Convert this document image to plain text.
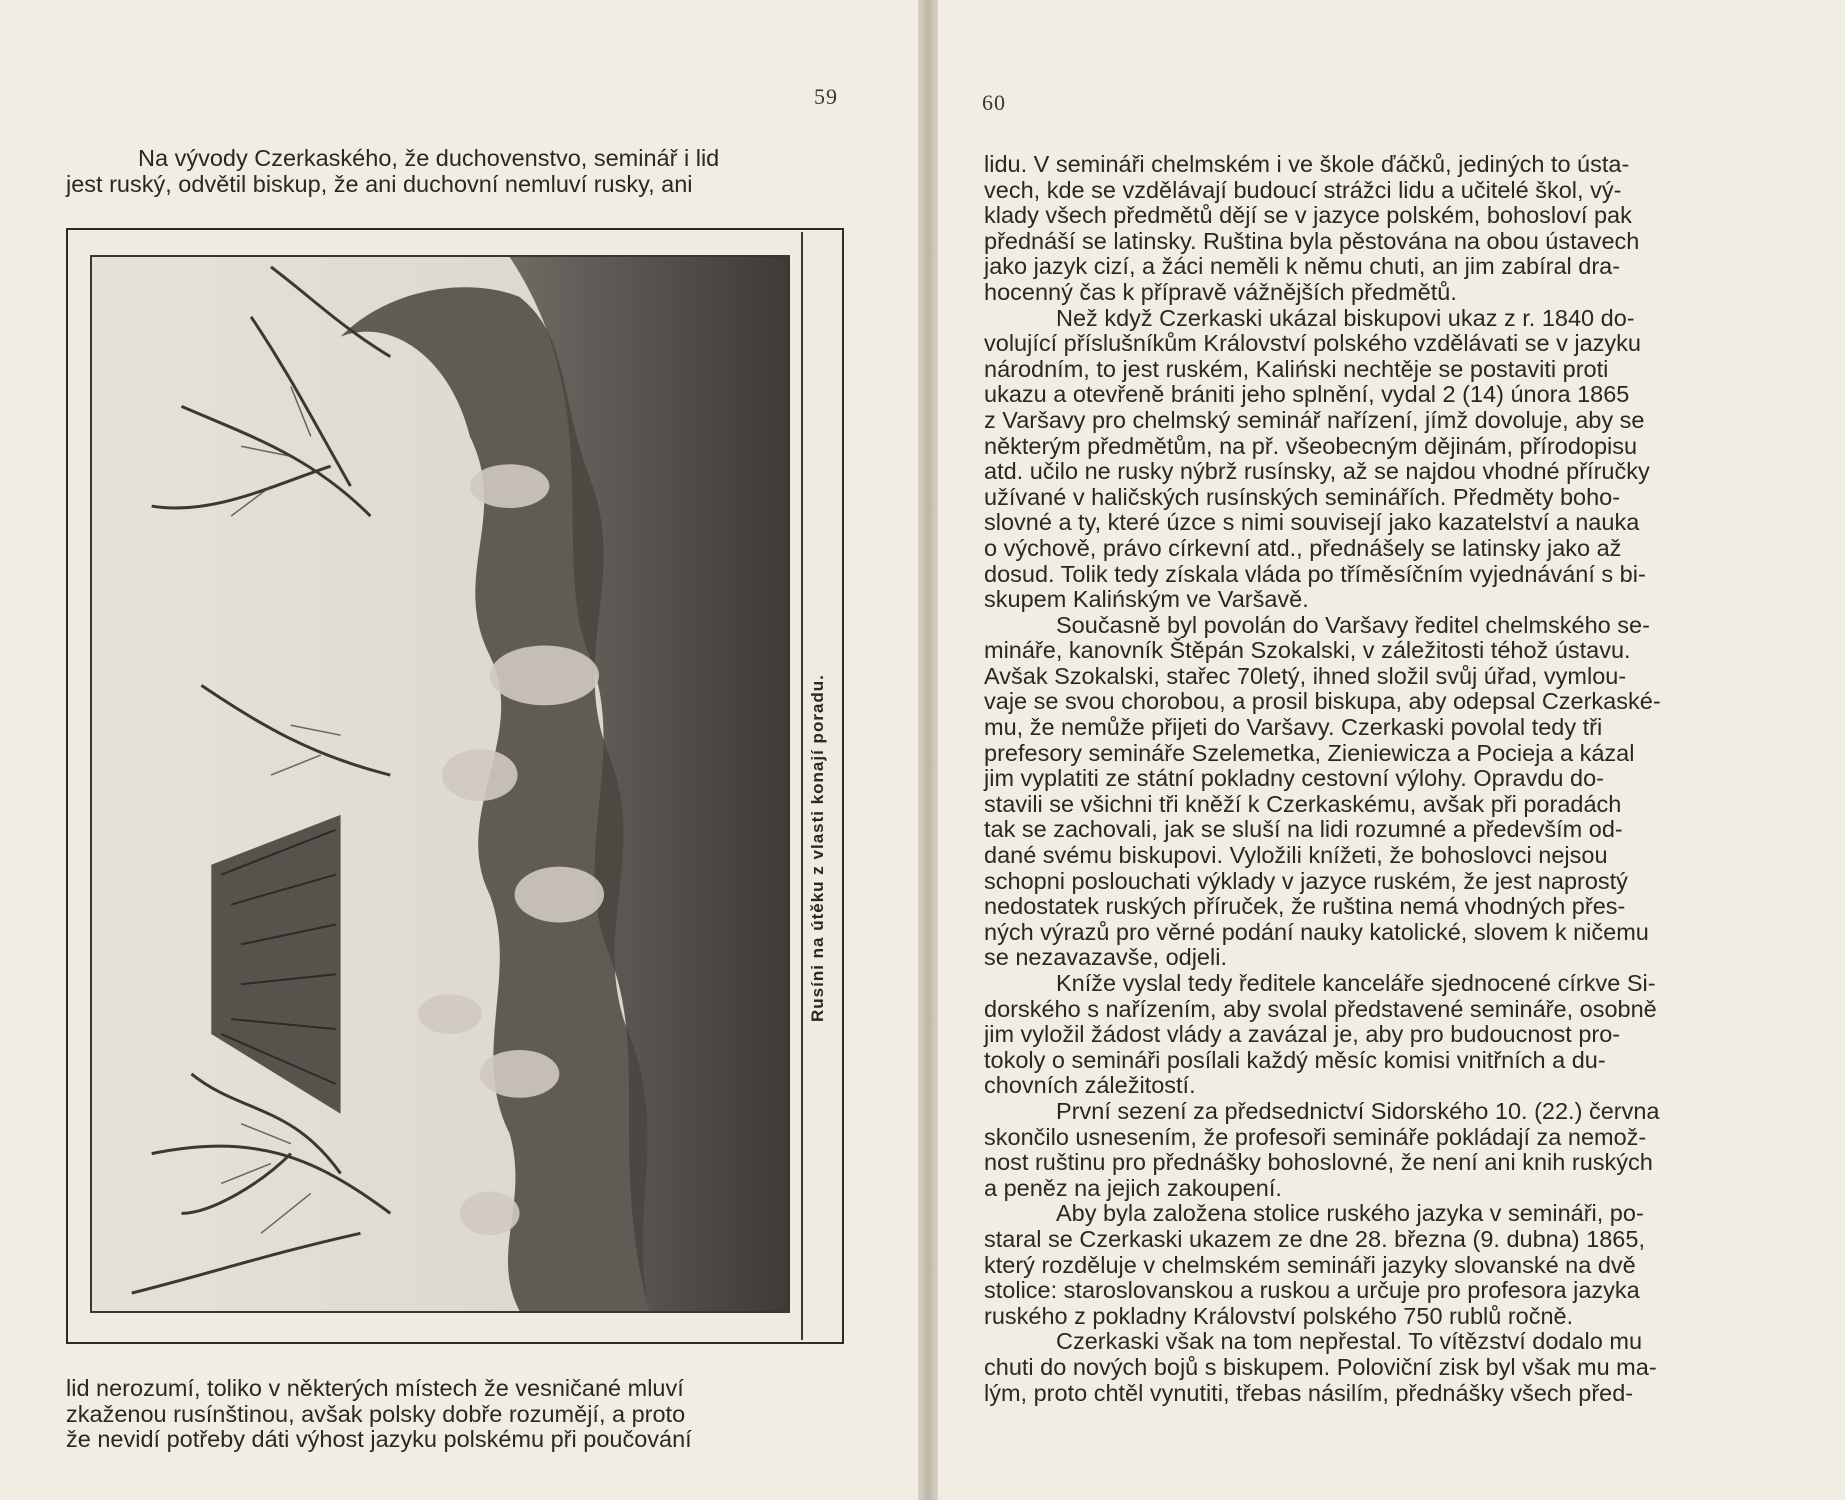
59
Na vývody Czerkaského, že duchovenstvo, seminář i lid
jest ruský, odvětil biskup, že ani duchovní nemluví rusky, ani
Rusíni na útěku z vlasti konají poradu.
lid nerozumí, toliko v některých místech že vesničané mluví
zkaženou rusínštinou, avšak polsky dobře rozumějí, a proto
že nevidí potřeby dáti výhost jazyku polskému při poučování
60
lidu. V semináři chelmském i ve škole ďáčků, jediných to ústa-
vech, kde se vzdělávají budoucí strážci lidu a učitelé škol, vý-
klady všech předmětů dějí se v jazyce polském, bohosloví pak
přednáší se latinsky. Ruština byla pěstována na obou ústavech
jako jazyk cizí, a žáci neměli k němu chuti, an jim zabíral dra-
hocenný čas k přípravě vážnějších předmětů.
Než když Czerkaski ukázal biskupovi ukaz z r. 1840 do-
volující příslušníkům Království polského vzdělávati se v jazyku
národním, to jest ruském, Kaliński nechtěje se postaviti proti
ukazu a otevřeně brániti jeho splnění, vydal 2 (14) února 1865
z Varšavy pro chelmský seminář nařízení, jímž dovoluje, aby se
některým předmětům, na př. všeobecným dějinám, přírodopisu
atd. učilo ne rusky nýbrž rusínsky, až se najdou vhodné příručky
užívané v haličských rusínských seminářích. Předměty boho-
slovné a ty, které úzce s nimi souvisejí jako kazatelství a nauka
o výchově, právo církevní atd., přednášely se latinsky jako až
dosud. Tolik tedy získala vláda po tříměsíčním vyjednávání s bi-
skupem Kalińským ve Varšavě.
Současně byl povolán do Varšavy ředitel chelmského se-
mináře, kanovník Štěpán Szokalski, v záležitosti téhož ústavu.
Avšak Szokalski, stařec 70letý, ihned složil svůj úřad, vymlou-
vaje se svou chorobou, a prosil biskupa, aby odepsal Czerkaské-
mu, že nemůže přijeti do Varšavy. Czerkaski povolal tedy tři
prefesory semináře Szelemetka, Zieniewicza a Pocieja a kázal
jim vyplatiti ze státní pokladny cestovní výlohy. Opravdu do-
stavili se všichni tři kněží k Czerkaskému, avšak při poradách
tak se zachovali, jak se sluší na lidi rozumné a především od-
dané svému biskupovi. Vyložili knížeti, že bohoslovci nejsou
schopni poslouchati výklady v jazyce ruském, že jest naprostý
nedostatek ruských příruček, že ruština nemá vhodných přes-
ných výrazů pro věrné podání nauky katolické, slovem k ničemu
se nezavazavše, odjeli.
Kníže vyslal tedy ředitele kanceláře sjednocené církve Si-
dorského s nařízením, aby svolal představené semináře, osobně
jim vyložil žádost vlády a zavázal je, aby pro budoucnost pro-
tokoly o semináři posílali každý měsíc komisi vnitřních a du-
chovních záležitostí.
První sezení za předsednictví Sidorského 10. (22.) června
skončilo usnesením, že profesoři semináře pokládají za nemož-
nost ruštinu pro přednášky bohoslovné, že není ani knih ruských
a peněz na jejich zakoupení.
Aby byla založena stolice ruského jazyka v semináři, po-
staral se Czerkaski ukazem ze dne 28. března (9. dubna) 1865,
který rozděluje v chelmském semináři jazyky slovanské na dvě
stolice: staroslovanskou a ruskou a určuje pro profesora jazyka
ruského z pokladny Království polského 750 rublů ročně.
Czerkaski však na tom nepřestal. To vítězství dodalo mu
chuti do nových bojů s biskupem. Poloviční zisk byl však mu ma-
lým, proto chtěl vynutiti, třebas násilím, přednášky všech před-
